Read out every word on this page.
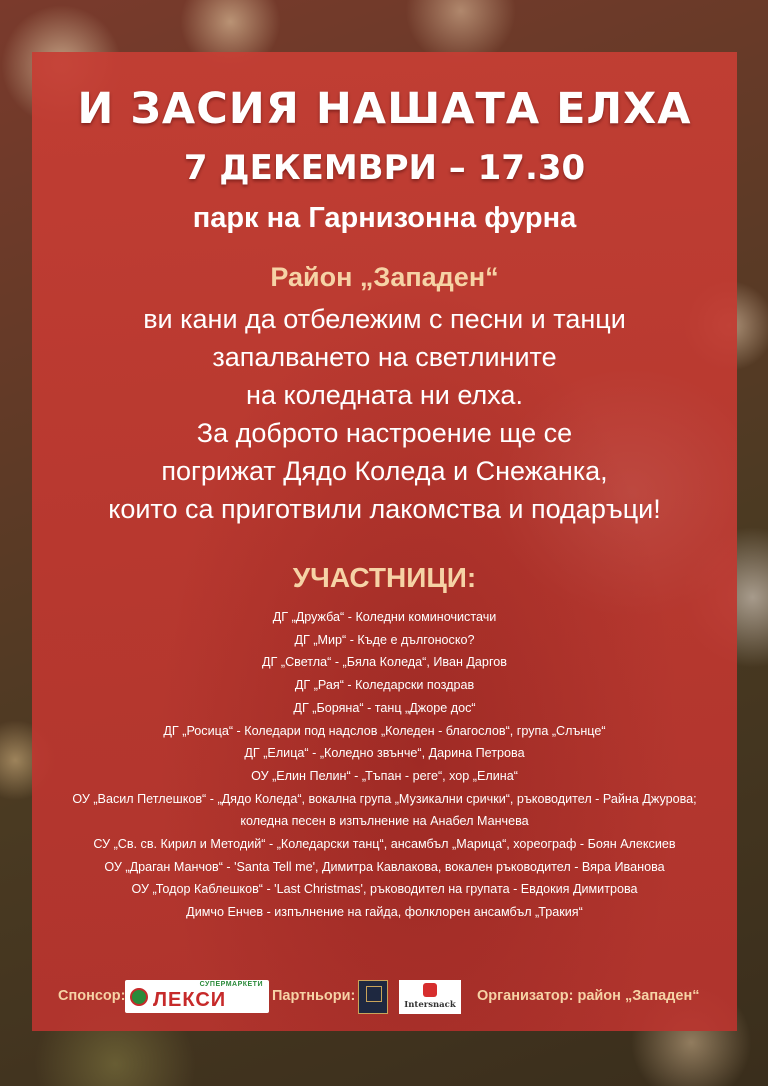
И ЗАСИЯ НАШАТА ЕЛХА
7 ДЕКЕМВРИ – 17.30
парк на Гарнизонна фурна
Район „Западен“
ви кани да отбележим с песни и танци
запалването на светлините
на коледната ни елха.
За доброто настроение ще се
погрижат Дядо Коледа и Снежанка,
които са приготвили лакомства и подаръци!
УЧАСТНИЦИ:
ДГ „Дружба“ - Коледни коминочистачи
ДГ „Мир“ - Къде е дългоноско?
ДГ „Светла“ - „Бяла Коледа“, Иван Даргов
ДГ „Рая“ - Коледарски поздрав
ДГ „Боряна“ - танц „Джоре дос“
ДГ „Росица“ - Коледари под надслов „Коледен - благослов“, група „Слънце“
ДГ „Елица“ - „Коледно звънче“, Дарина Петрова
ОУ „Елин Пелин“ - „Тъпан - реге“, хор „Елина“
ОУ „Васил Петлешков“ - „Дядо Коледа“, вокална група „Музикални срички“, ръководител - Райна Джурова;
коледна песен в изпълнение на Анабел Манчева
СУ „Св. св. Кирил и Методий“ - „Коледарски танц“, ансамбъл „Марица“, хореограф - Боян Алексиев
ОУ „Драган Манчов“ - 'Santa Tell me', Димитра Кавлакова, вокален ръководител - Вяра Иванова
ОУ „Тодор Каблешков“ - 'Last Christmas', ръководител на групата - Евдокия Димитрова
Димчо Енчев - изпълнение на гайда, фолклорен ансамбъл „Тракия“
Спонсор:
СУПЕРМАРКЕТИ
ЛЕКСИ	Партньори:
Intersnack
Организатор: район „Западен“
